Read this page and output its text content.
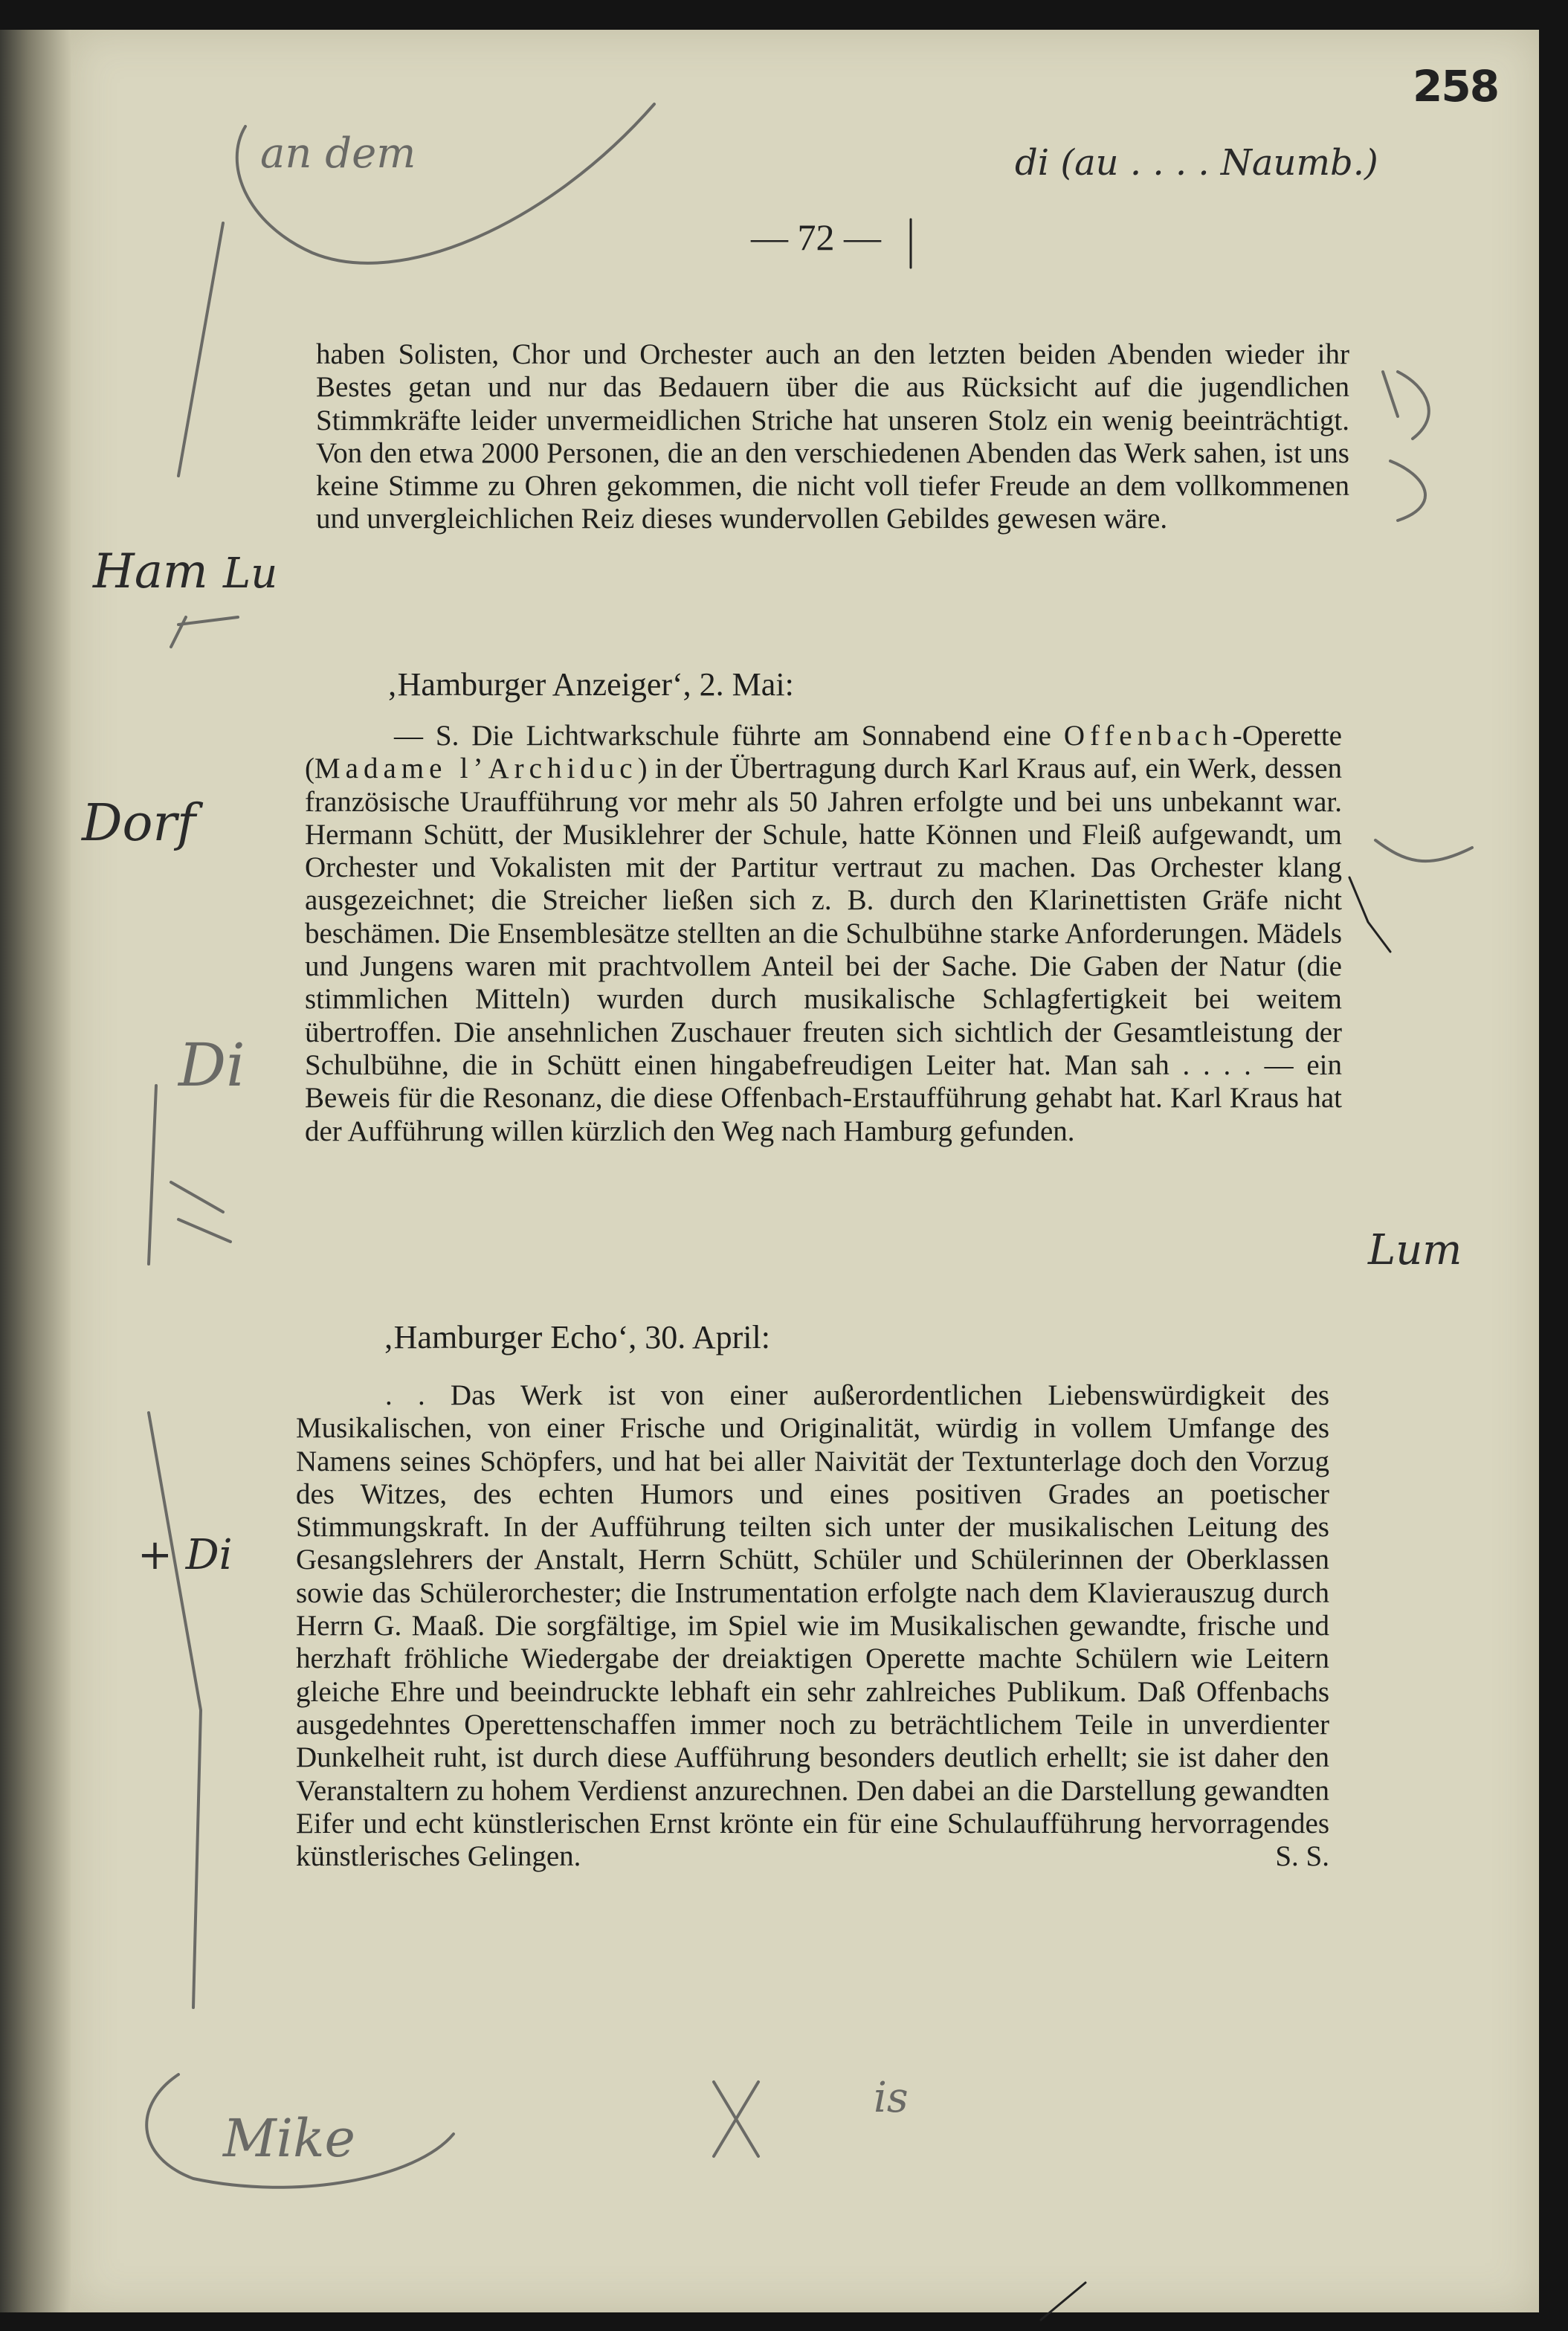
258
— 72 —

haben Solisten, Chor und Orchester auch an den letzten beiden Abenden wieder ihr Bestes getan und nur das Bedauern über die aus Rücksicht auf die jugendlichen Stimmkräfte leider unvermeidlichen Striche hat unseren Stolz ein wenig beeinträchtigt. Von den etwa 2000 Personen, die an den verschiedenen Abenden das Werk sahen, ist uns keine Stimme zu Ohren gekommen, die nicht voll tiefer Freude an dem vollkommenen und unvergleichlichen Reiz dieses wundervollen Gebildes gewesen wäre.

‚Hamburger Anzeiger‘, 2. Mai:

— S. Die Lichtwarkschule führte am Sonnabend eine Offenbach-Operette (Madame l’Archiduc) in der Übertragung durch Karl Kraus auf, ein Werk, dessen französische Uraufführung vor mehr als 50 Jahren erfolgte und bei uns unbekannt war. Hermann Schütt, der Musiklehrer der Schule, hatte Können und Fleiß aufgewandt, um Orchester und Vokalisten mit der Partitur vertraut zu machen. Das Orchester klang ausgezeichnet; die Streicher ließen sich z. B. durch den Klarinettisten Gräfe nicht beschämen. Die Ensemblesätze stellten an die Schulbühne starke Anforderungen. Mädels und Jungens waren mit prachtvollem Anteil bei der Sache. Die Gaben der Natur (die stimmlichen Mitteln) wurden durch musikalische Schlagfertigkeit bei weitem übertroffen. Die ansehnlichen Zuschauer freuten sich sichtlich der Gesamtleistung der Schulbühne, die in Schütt einen hingabefreudigen Leiter hat. Man sah . . . . — ein Beweis für die Resonanz, die diese Offenbach-Erstaufführung gehabt hat. Karl Kraus hat der Aufführung willen kürzlich den Weg nach Hamburg gefunden.

‚Hamburger Echo‘, 30. April:

. . Das Werk ist von einer außerordentlichen Liebenswürdigkeit des Musikalischen, von einer Frische und Originalität, würdig in vollem Umfange des Namens seines Schöpfers, und hat bei aller Naivität der Textunterlage doch den Vorzug des Witzes, des echten Humors und eines positiven Grades an poetischer Stimmungskraft. In der Aufführung teilten sich unter der musikalischen Leitung des Gesangslehrers der Anstalt, Herrn Schütt, Schüler und Schülerinnen der Oberklassen sowie das Schülerorchester; die Instrumentation erfolgte nach dem Klavierauszug durch Herrn G. Maaß. Die sorgfältige, im Spiel wie im Musikalischen gewandte, frische und herzhaft fröhliche Wiedergabe der dreiaktigen Operette machte Schülern wie Leitern gleiche Ehre und beeindruckte lebhaft ein sehr zahlreiches Publikum. Daß Offenbachs ausgedehntes Operettenschaffen immer noch zu beträchtlichem Teile in unverdienter Dunkelheit ruht, ist durch diese Aufführung besonders deutlich erhellt; sie ist daher den Veranstaltern zu hohem Verdienst anzurechnen. Den dabei an die Darstellung gewandten Eifer und echt künstlerischen Ernst krönte ein für eine Schulaufführung hervorragendes künstlerisches Gelingen.	S. S.

an dem	di (au . . . . Naumb.)
Ham Lu
Dorf
Di
+ Di
Mike
Lum
is
